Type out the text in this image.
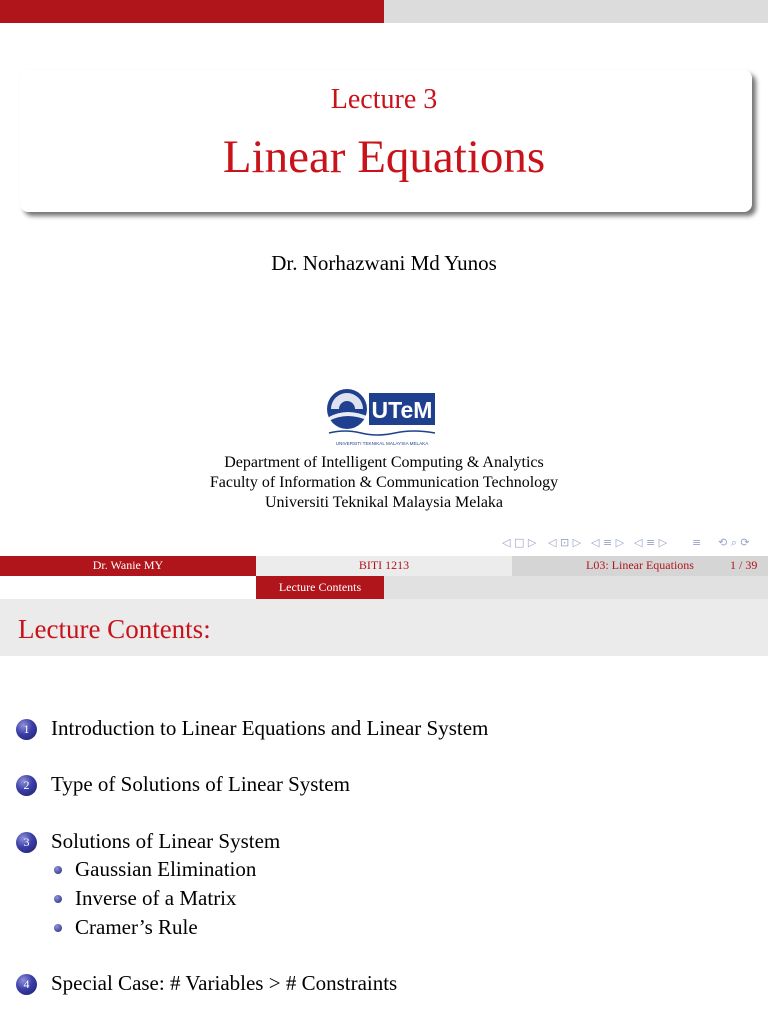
Lecture 3
Linear Equations
Dr. Norhazwani Md Yunos
UTeM
UNIVERSITI TEKNIKAL MALAYSIA MELAKA
Department of Intelligent Computing & Analytics
Faculty of Information & Communication Technology
Universiti Teknikal Malaysia Melaka
◁ □ ▷ ◁ ⊡ ▷ ◁ ≡ ▷ ◁ ≡ ▷ ≡ ⟲ ⌕ ⟳
Dr. Wanie MY	BITI 1213	L03: Linear Equations	1 / 39
Lecture Contents
Lecture Contents:
1	Introduction to Linear Equations and Linear System
2	Type of Solutions of Linear System
3	Solutions of Linear System
Gaussian Elimination
Inverse of a Matrix
Cramer’s Rule
4	Special Case: # Variables > # Constraints
